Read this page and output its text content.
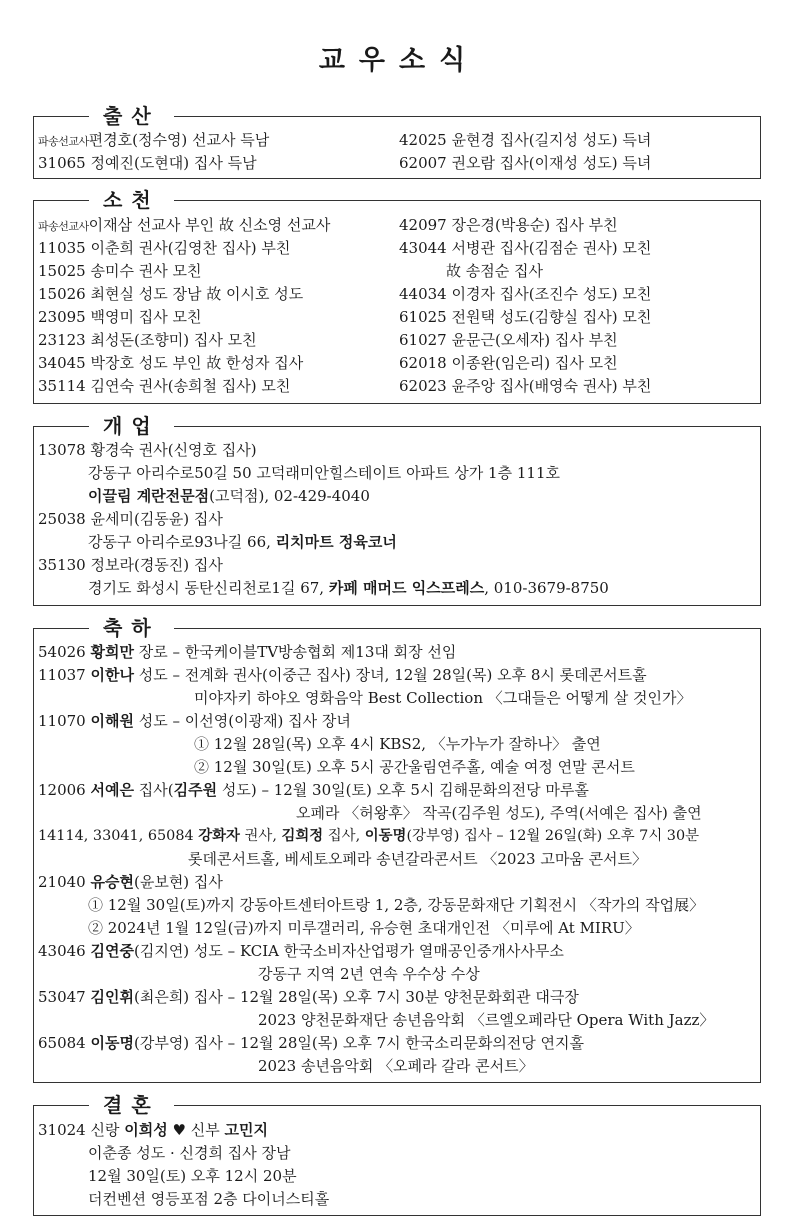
교우소식
출산
파송선교사편경호(정수영) 선교사 득남
31065 정예진(도현대) 집사 득남
42025 윤현경 집사(길지성 성도) 득녀
62007 권오람 집사(이재성 성도) 득녀
소천
파송선교사이재삼 선교사 부인 故 신소영 선교사
11035 이춘희 권사(김영찬 집사) 부친
15025 송미수 권사 모친
15026 최현실 성도 장남 故 이시호 성도
23095 백영미 집사 모친
23123 최성돈(조향미) 집사 모친
34045 박장호 성도 부인 故 한성자 집사
35114 김연숙 권사(송희철 집사) 모친
42097 장은경(박용순) 집사 부친
43044 서병관 집사(김점순 권사) 모친
故 송점순 집사
44034 이경자 집사(조진수 성도) 모친
61025 전원택 성도(김향실 집사) 모친
61027 윤문근(오세자) 집사 부친
62018 이종완(임은리) 집사 모친
62023 윤주앙 집사(배영숙 권사) 부친
개업
13078 황경숙 권사(신영호 집사)
강동구 아리수로50길 50 고덕래미안힐스테이트 아파트 상가 1층 111호
이끌림 계란전문점(고덕점), 02-429-4040
25038 윤세미(김동윤) 집사
강동구 아리수로93나길 66, 리치마트 정육코너
35130 정보라(경동진) 집사
경기도 화성시 동탄신리천로1길 67, 카페 매머드 익스프레스, 010-3679-8750
축하
54026 황희만 장로 – 한국케이블TV방송협회 제13대 회장 선임
11037 이한나 성도 – 전계화 권사(이중근 집사) 장녀, 12월 28일(목) 오후 8시 롯데콘서트홀
미야자키 하야오 영화음악 Best Collection 〈그대들은 어떻게 살 것인가〉
11070 이해원 성도 – 이선영(이광재) 집사 장녀
① 12월 28일(목) 오후 4시 KBS2, 〈누가누가 잘하나〉 출연
② 12월 30일(토) 오후 5시 공간울림연주홀, 예술 여정 연말 콘서트
12006 서예은 집사(김주원 성도) – 12월 30일(토) 오후 5시 김해문화의전당 마루홀
오페라 〈허왕후〉 작곡(김주원 성도), 주역(서예은 집사) 출연
14114, 33041, 65084 강화자 권사, 김희정 집사, 이동명(강부영) 집사 – 12월 26일(화) 오후 7시 30분
롯데콘서트홀, 베세토오페라 송년갈라콘서트 〈2023 고마움 콘서트〉
21040 유승현(윤보현) 집사
① 12월 30일(토)까지 강동아트센터아트랑 1, 2층, 강동문화재단 기획전시 〈작가의 작업展〉
② 2024년 1월 12일(금)까지 미루갤러리, 유승현 초대개인전 〈미루에 At MIRU〉
43046 김연중(김지연) 성도 – KCIA 한국소비자산업평가 열매공인중개사사무소
강동구 지역 2년 연속 우수상 수상
53047 김인휘(최은희) 집사 – 12월 28일(목) 오후 7시 30분 양천문화회관 대극장
2023 양천문화재단 송년음악회 〈르엘오페라단 Opera With Jazz〉
65084 이동명(강부영) 집사 – 12월 28일(목) 오후 7시 한국소리문화의전당 연지홀
2023 송년음악회 〈오페라 갈라 콘서트〉
결혼
31024 신랑 이희성 ♥ 신부 고민지
이춘종 성도 · 신경희 집사 장남
12월 30일(토) 오후 12시 20분
더컨벤션 영등포점 2층 다이너스티홀
